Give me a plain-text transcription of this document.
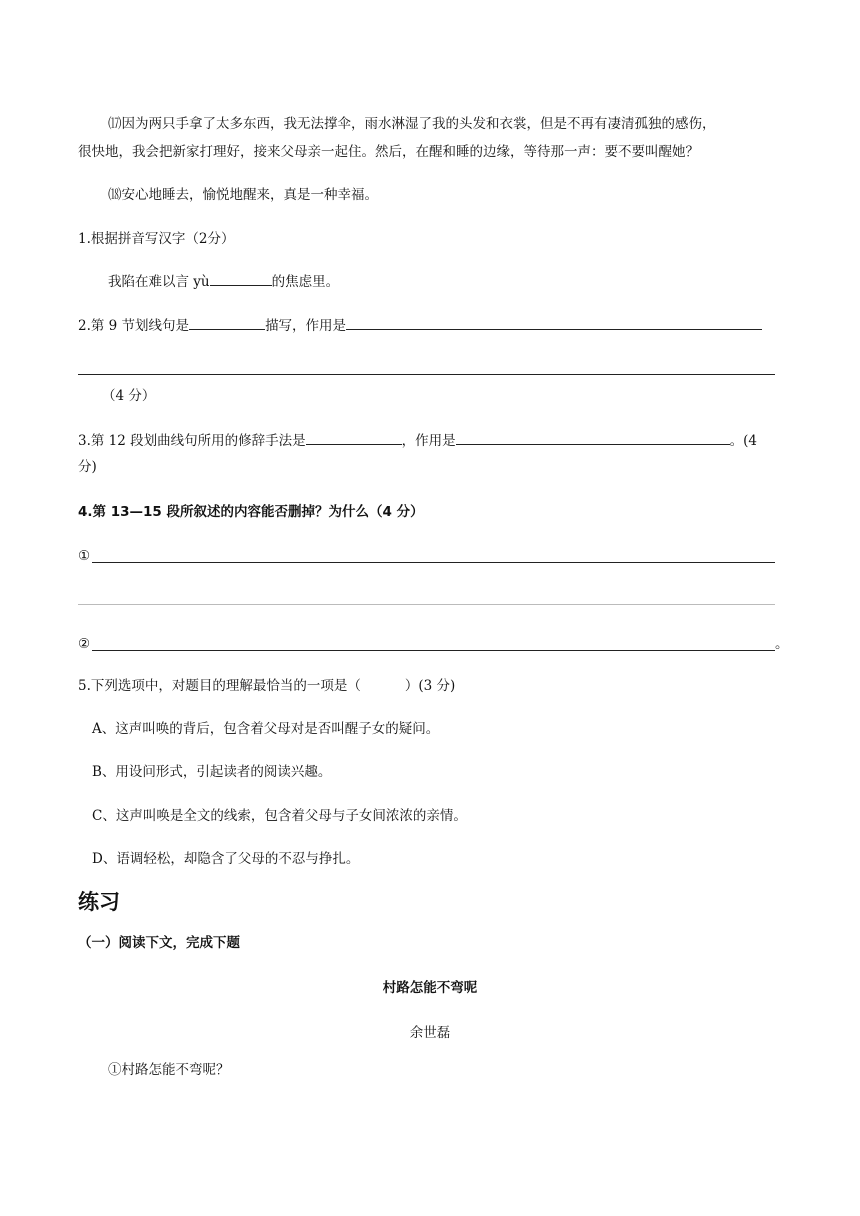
⒄因为两只手拿了太多东西，我无法撑伞，雨水淋湿了我的头发和衣裳，但是不再有凄清孤独的感伤，
很快地，我会把新家打理好，接来父母亲一起住。然后，在醒和睡的边缘，等待那一声：要不要叫醒她？
⒅安心地睡去，愉悦地醒来，真是一种幸福。
1.根据拼音写汉字（2分）
我陷在难以言 yù	的焦虑里。
2.第 9 节划线句是	描写，作用是
（4 分）
3.第 12 段划曲线句所用的修辞手法是	，作用是	。(4
分)
4.第 13—15 段所叙述的内容能否删掉？为什么（4 分）
①
②	。
5.下列选项中，对题目的理解最恰当的一项是（	）(3 分)
A、这声叫唤的背后，包含着父母对是否叫醒子女的疑问。
B、用设问形式，引起读者的阅读兴趣。
C、这声叫唤是全文的线索，包含着父母与子女间浓浓的亲情。
D、语调轻松，却隐含了父母的不忍与挣扎。
练习
（一）阅读下文，完成下题
村路怎能不弯呢
余世磊
①村路怎能不弯呢？
